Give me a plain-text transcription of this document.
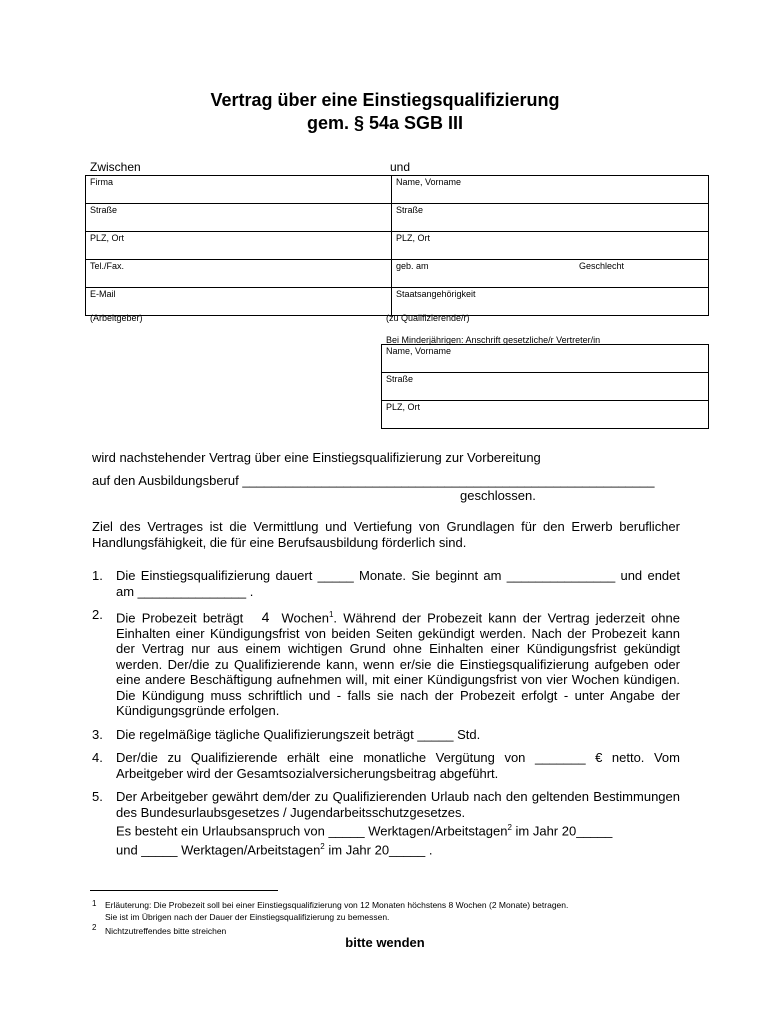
Vertrag über eine Einstiegsqualifizierung
gem. § 54a SGB III
Zwischen	und
Firma	Name, Vorname
Straße	Straße
PLZ, Ort	PLZ, Ort
Tel./Fax.	geb. am Geschlecht

E-Mail	Staatsangehörigkeit
(Arbeitgeber)	(zu Qualifizierende/r)
Bei Minderjährigen: Anschrift gesetzliche/r Vertreter/in
Name, Vorname
Straße
PLZ, Ort
wird nachstehender Vertrag über eine Einstiegsqualifizierung zur Vorbereitung
auf den Ausbildungsberuf _________________________________________________________
geschlossen.
Ziel des Vertrages ist die Vermittlung und Vertiefung von Grundlagen für den Erwerb beruflicher Handlungsfähigkeit, die für eine Berufsausbildung förderlich sind.
1. Die Einstiegsqualifizierung dauert _____ Monate. Sie beginnt am _______________ und endet am _______________ .
2. Die Probezeit beträgt 4 Wochen$^1$. Während der Probezeit kann der Vertrag jederzeit ohne Einhalten einer Kündigungsfrist von beiden Seiten gekündigt werden. Nach der Probezeit kann der Vertrag nur aus einem wichtigen Grund ohne Einhalten einer Kündigungsfrist gekündigt werden. Der/die zu Qualifizierende kann, wenn er/sie die Einstiegsqualifizierung aufgeben oder eine andere Beschäftigung aufnehmen will, mit einer Kündigungsfrist von vier Wochen kündigen. Die Kündigung muss schriftlich und - falls sie nach der Probezeit erfolgt - unter Angabe der Kündigungsgründe erfolgen.
3. Die regelmäßige tägliche Qualifizierungszeit beträgt _____ Std.
4. Der/die zu Qualifizierende erhält eine monatliche Vergütung von _______ € netto. Vom Arbeitgeber wird der Gesamtsozialversicherungsbeitrag abgeführt.
5. Der Arbeitgeber gewährt dem/der zu Qualifizierenden Urlaub nach den geltenden Bestimmungen des Bundesurlaubsgesetzes / Jugendarbeitsschutzgesetzes.
Es besteht ein Urlaubsanspruch von _____ Werktagen/Arbeitstagen$^2$ im Jahr 20_____
und _____ Werktagen/Arbeitstagen$^2$ im Jahr 20_____ .
$^1$ Erläuterung: Die Probezeit soll bei einer Einstiegsqualifizierung von 12 Monaten höchstens 8 Wochen (2 Monate) betragen.
Sie ist im Übrigen nach der Dauer der Einstiegsqualifizierung zu bemessen.
$^2$ Nichtzutreffendes bitte streichen
bitte wenden
